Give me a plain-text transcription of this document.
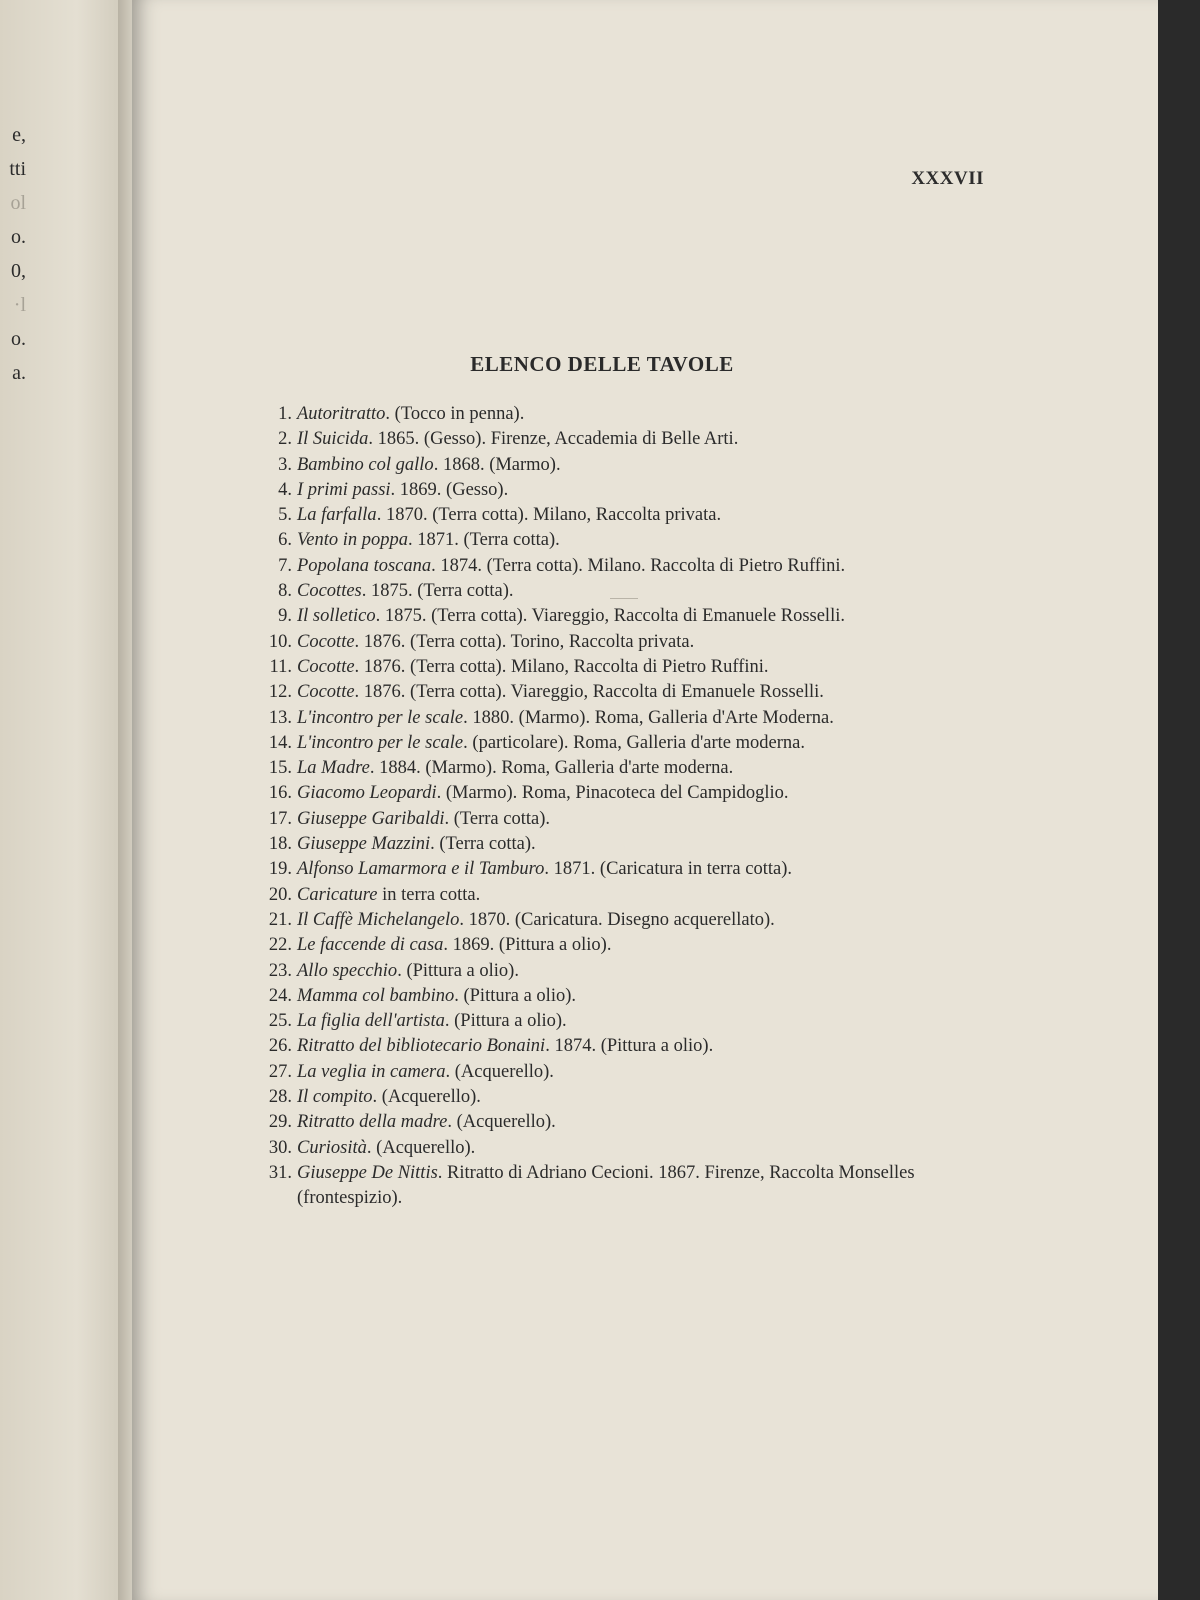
e,
tti
ol
o.
0,
·l
o.
a.
XXXVII
ELENCO DELLE TAVOLE
1. Autoritratto. (Tocco in penna).
2. Il Suicida. 1865. (Gesso). Firenze, Accademia di Belle Arti.
3. Bambino col gallo. 1868. (Marmo).
4. I primi passi. 1869. (Gesso).
5. La farfalla. 1870. (Terra cotta). Milano, Raccolta privata.
6. Vento in poppa. 1871. (Terra cotta).
7. Popolana toscana. 1874. (Terra cotta). Milano. Raccolta di Pietro Ruffini.
8. Cocottes. 1875. (Terra cotta).
9. Il solletico. 1875. (Terra cotta). Viareggio, Raccolta di Emanuele Rosselli.
10. Cocotte. 1876. (Terra cotta). Torino, Raccolta privata.
11. Cocotte. 1876. (Terra cotta). Milano, Raccolta di Pietro Ruffini.
12. Cocotte. 1876. (Terra cotta). Viareggio, Raccolta di Emanuele Rosselli.
13. L'incontro per le scale. 1880. (Marmo). Roma, Galleria d'Arte Moderna.
14. L'incontro per le scale. (particolare). Roma, Galleria d'arte moderna.
15. La Madre. 1884. (Marmo). Roma, Galleria d'arte moderna.
16. Giacomo Leopardi. (Marmo). Roma, Pinacoteca del Campidoglio.
17. Giuseppe Garibaldi. (Terra cotta).
18. Giuseppe Mazzini. (Terra cotta).
19. Alfonso Lamarmora e il Tamburo. 1871. (Caricatura in terra cotta).
20. Caricature in terra cotta.
21. Il Caffè Michelangelo. 1870. (Caricatura. Disegno acquerellato).
22. Le faccende di casa. 1869. (Pittura a olio).
23. Allo specchio. (Pittura a olio).
24. Mamma col bambino. (Pittura a olio).
25. La figlia dell'artista. (Pittura a olio).
26. Ritratto del bibliotecario Bonaini. 1874. (Pittura a olio).
27. La veglia in camera. (Acquerello).
28. Il compito. (Acquerello).
29. Ritratto della madre. (Acquerello).
30. Curiosità. (Acquerello).
31. Giuseppe De Nittis. Ritratto di Adriano Cecioni. 1867. Firenze, Raccolta Monselles (frontespizio).
